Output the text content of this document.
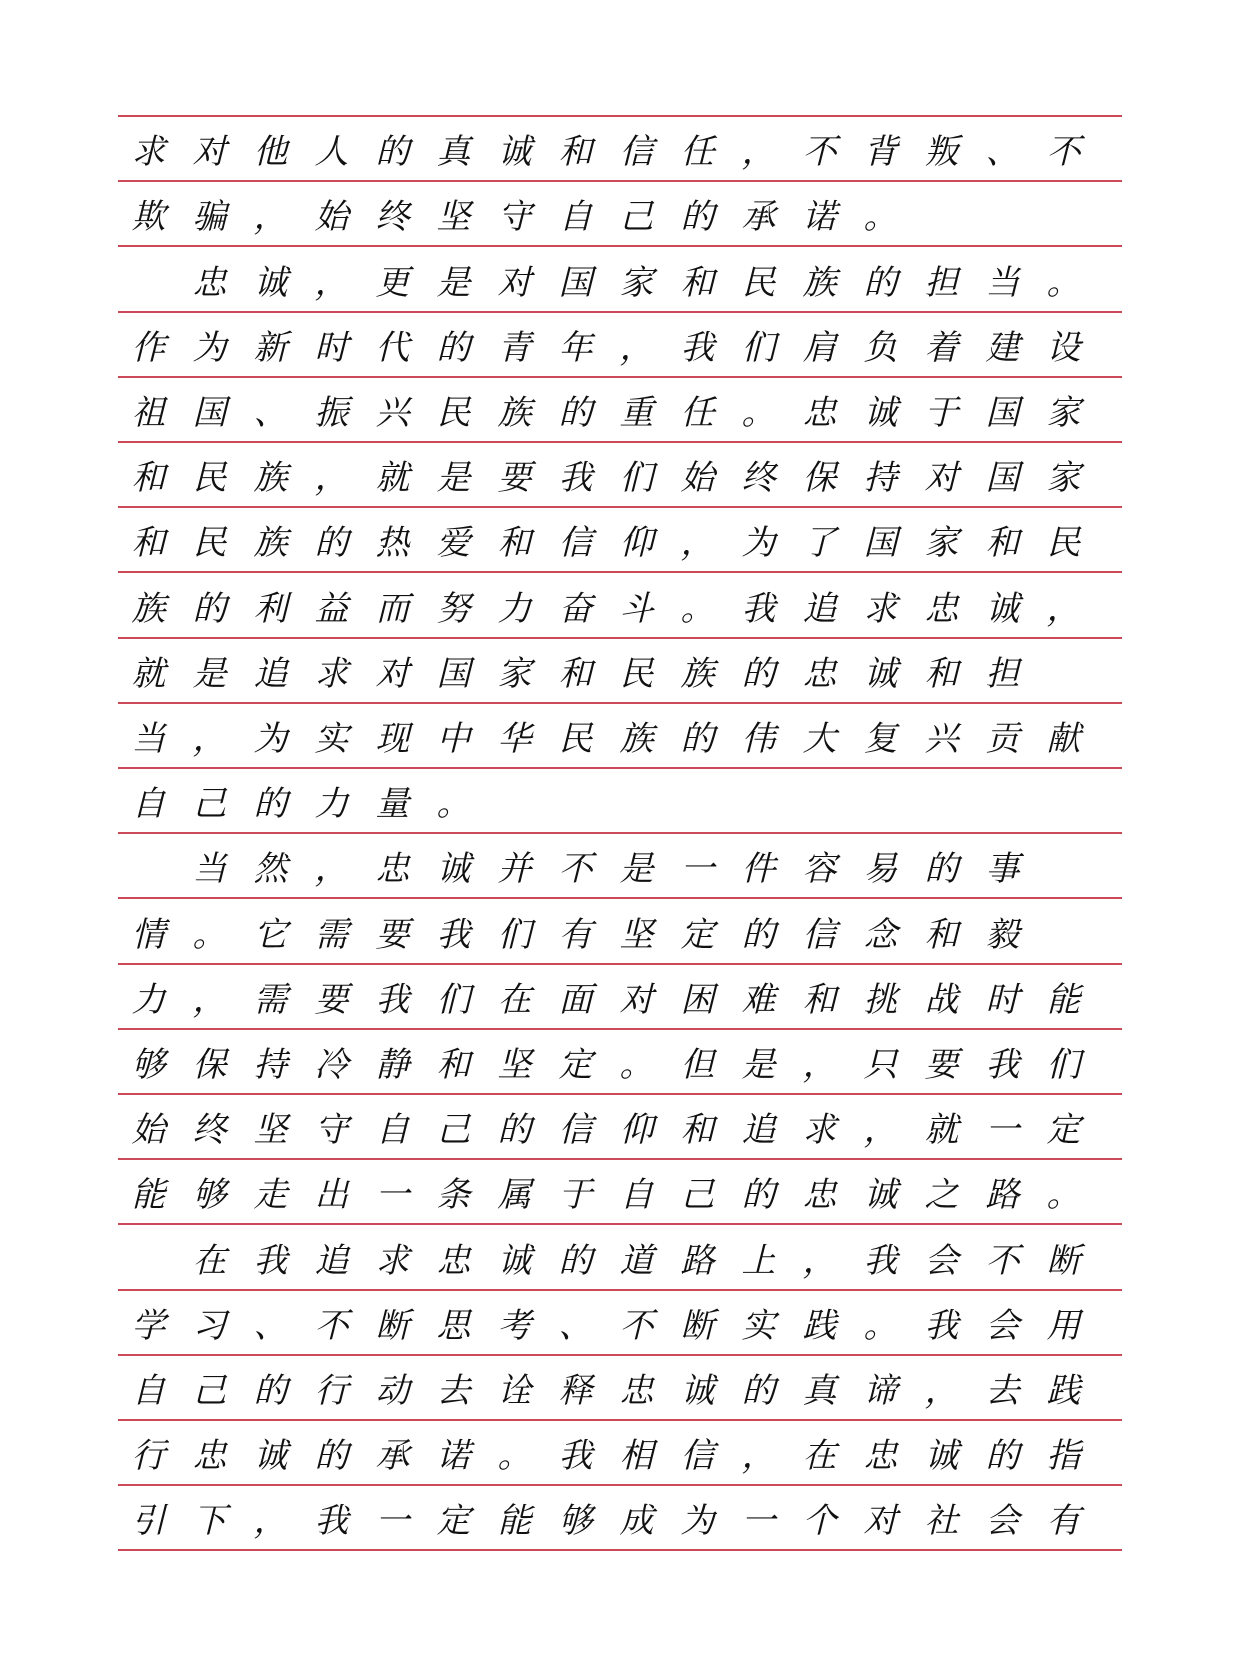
求 对 他 人 的 真 诚 和 信 任 ， 不 背 叛 、 不
欺 骗 ， 始 终 坚 守 自 己 的 承 诺 。
忠 诚 ， 更 是 对 国 家 和 民 族 的 担 当 。
作 为 新 时 代 的 青 年 ， 我 们 肩 负 着 建 设
祖 国 、 振 兴 民 族 的 重 任 。 忠 诚 于 国 家
和 民 族 ， 就 是 要 我 们 始 终 保 持 对 国 家
和 民 族 的 热 爱 和 信 仰 ， 为 了 国 家 和 民
族 的 利 益 而 努 力 奋 斗 。 我 追 求 忠 诚 ，
就 是 追 求 对 国 家 和 民 族 的 忠 诚 和 担
当 ， 为 实 现 中 华 民 族 的 伟 大 复 兴 贡 献
自 己 的 力 量 。
当 然 ， 忠 诚 并 不 是 一 件 容 易 的 事
情 。 它 需 要 我 们 有 坚 定 的 信 念 和 毅
力 ， 需 要 我 们 在 面 对 困 难 和 挑 战 时 能
够 保 持 冷 静 和 坚 定 。 但 是 ， 只 要 我 们
始 终 坚 守 自 己 的 信 仰 和 追 求 ， 就 一 定
能 够 走 出 一 条 属 于 自 己 的 忠 诚 之 路 。
在 我 追 求 忠 诚 的 道 路 上 ， 我 会 不 断
学 习 、 不 断 思 考 、 不 断 实 践 。 我 会 用
自 己 的 行 动 去 诠 释 忠 诚 的 真 谛 ， 去 践
行 忠 诚 的 承 诺 。 我 相 信 ， 在 忠 诚 的 指
引 下 ， 我 一 定 能 够 成 为 一 个 对 社 会 有
